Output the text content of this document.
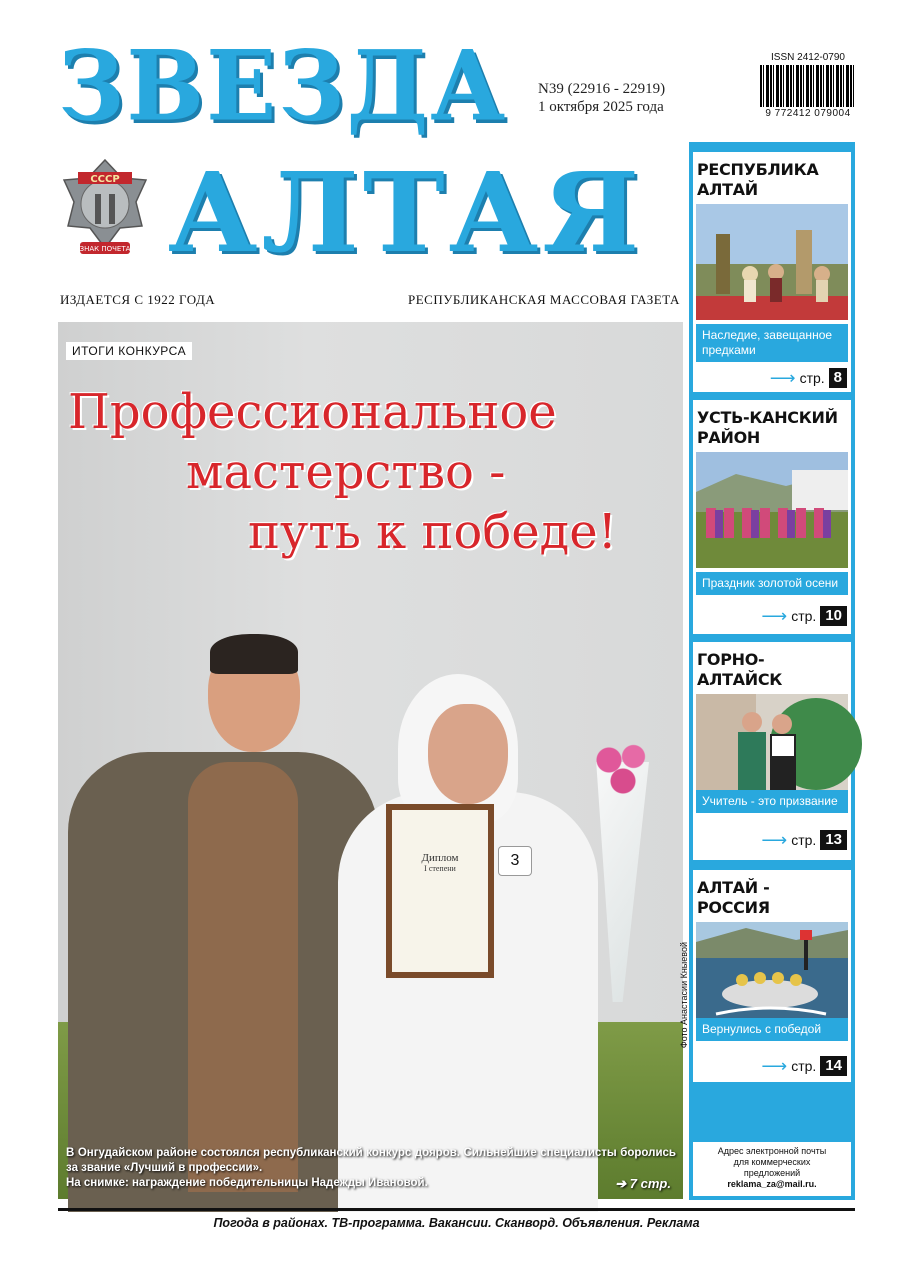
ЗВЕЗДА
АЛТАЯ
СССР
ЗНАК ПОЧЕТА
N39 (22916 - 22919)
1 октября 2025 года
ISSN 2412-0790
9 772412 079004
ИЗДАЕТСЯ С 1922 ГОДА	РЕСПУБЛИКАНСКАЯ МАССОВАЯ ГАЗЕТА
Диплом
I степени	3
ИТОГИ КОНКУРСА
Профессиональное
мастерство -
путь к победе!
Фото Анастасии Кныевой
В Онгудайском районе состоялся республиканский конкурс дояров. Сильнейшие специалисты боролись за звание «Лучший в профессии».
На снимке: награждение победительницы Надежды Ивановой.	➔ 7 стр.
РЕСПУБЛИКА АЛТАЙ
Наследие, завещанное предками
⟶ стр. 8
УСТЬ-КАНСКИЙ РАЙОН
Праздник золотой осени
⟶ стр. 10
ГОРНО-АЛТАЙСК
Учитель - это призвание
⟶ стр. 13
АЛТАЙ - РОССИЯ
Вернулись с победой
⟶ стр. 14
Адрес электронной почты
для коммерческих
предложений
reklama_za@mail.ru.
Погода в районах. ТВ-программа. Вакансии. Сканворд. Объявления. Реклама
